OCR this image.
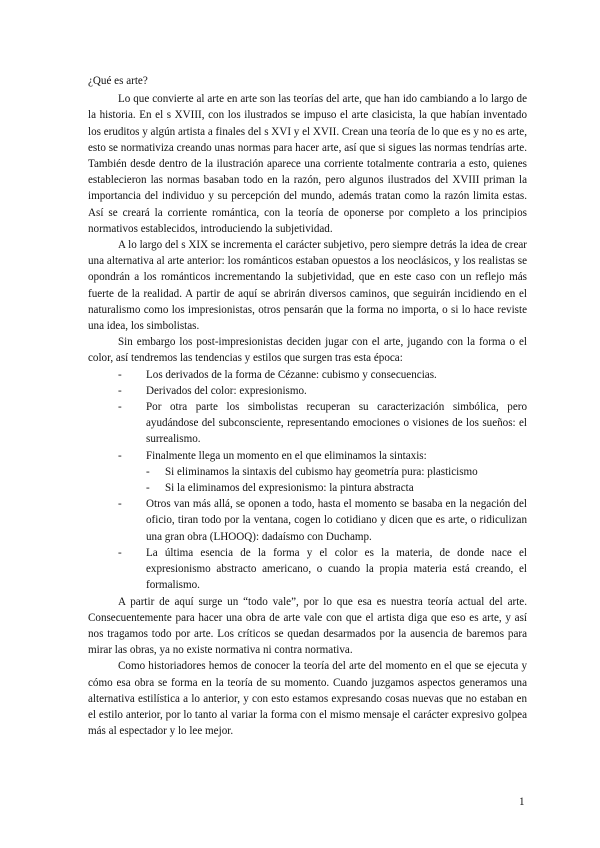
¿Qué es arte?

Lo que convierte al arte en arte son las teorías del arte, que han ido cambiando a lo largo de la historia. En el s XVIII, con los ilustrados se impuso el arte clasicista, la que habían inventado los eruditos y algún artista a finales del s XVI y el XVII. Crean una teoría de lo que es y no es arte, esto se normativiza creando unas normas para hacer arte, así que si sigues las normas tendrías arte. También desde dentro de la ilustración aparece una corriente totalmente contraria a esto, quienes establecieron las normas basaban todo en la razón, pero algunos ilustrados del XVIII priman la importancia del individuo y su percepción del mundo, además tratan como la razón limita estas. Así se creará la corriente romántica, con la teoría de oponerse por completo a los principios normativos establecidos, introduciendo la subjetividad.

A lo largo del s XIX se incrementa el carácter subjetivo, pero siempre detrás la idea de crear una alternativa al arte anterior: los románticos estaban opuestos a los neoclásicos, y los realistas se opondrán a los románticos incrementando la subjetividad, que en este caso con un reflejo más fuerte de la realidad. A partir de aquí se abrirán diversos caminos, que seguirán incidiendo en el naturalismo como los impresionistas, otros pensarán que la forma no importa, o si lo hace reviste una idea, los simbolistas.

Sin embargo los post-impresionistas deciden jugar con el arte, jugando con la forma o el color, así tendremos las tendencias y estilos que surgen tras esta época:

- Los derivados de la forma de Cézanne: cubismo y consecuencias.
- Derivados del color: expresionismo.
- Por otra parte los simbolistas recuperan su caracterización simbólica, pero ayudándose del subconsciente, representando emociones o visiones de los sueños: el surrealismo.
- Finalmente llega un momento en el que eliminamos la sintaxis:
- Si eliminamos la sintaxis del cubismo hay geometría pura: plasticismo
- Si la eliminamos del expresionismo: la pintura abstracta
- Otros van más allá, se oponen a todo, hasta el momento se basaba en la negación del oficio, tiran todo por la ventana, cogen lo cotidiano y dicen que es arte, o ridiculizan una gran obra (LHOOQ): dadaísmo con Duchamp.
- La última esencia de la forma y el color es la materia, de donde nace el expresionismo abstracto americano, o cuando la propia materia está creando, el formalismo.

A partir de aquí surge un “todo vale”, por lo que esa es nuestra teoría actual del arte. Consecuentemente para hacer una obra de arte vale con que el artista diga que eso es arte, y así nos tragamos todo por arte. Los críticos se quedan desarmados por la ausencia de baremos para mirar las obras, ya no existe normativa ni contra normativa.

Como historiadores hemos de conocer la teoría del arte del momento en el que se ejecuta y cómo esa obra se forma en la teoría de su momento. Cuando juzgamos aspectos generamos una alternativa estilística a lo anterior, y con esto estamos expresando cosas nuevas que no estaban en el estilo anterior, por lo tanto al variar la forma con el mismo mensaje el carácter expresivo golpea más al espectador y lo lee mejor.

1
